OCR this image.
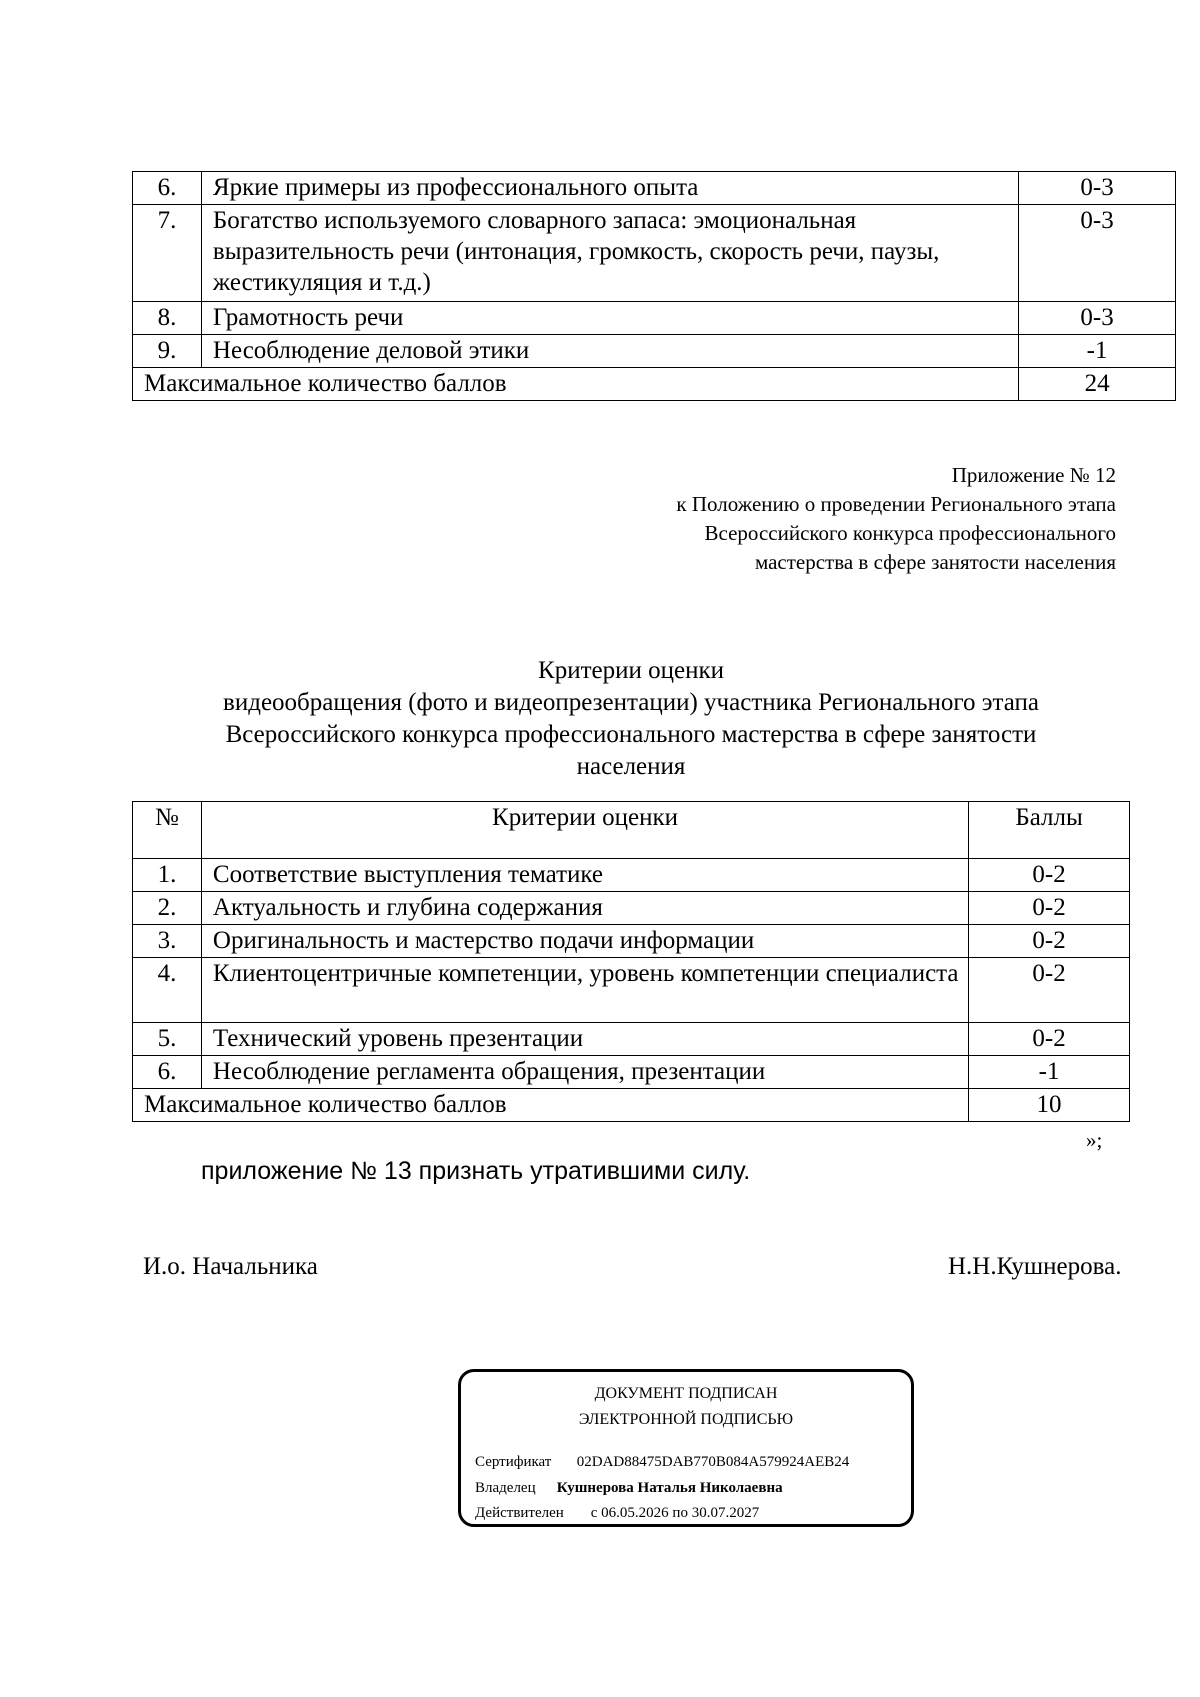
6.	Яркие примеры из профессионального опыта	0-3
7.	Богатство используемого словарного запаса: эмоциональная выразительность речи (интонация, громкость, скорость речи, паузы, жестикуляция и т.д.)	0-3
8.	Грамотность речи	0-3
9.	Несоблюдение деловой этики	-1
Максимальное количество баллов		24
Приложение № 12
к Положению о проведении Регионального этапа
Всероссийского конкурса профессионального
мастерства в сфере занятости населения
Критерии оценки
видеообращения (фото и видеопрезентации) участника Регионального этапа
Всероссийского конкурса профессионального мастерства в сфере занятости
населения
№	Критерии оценки	Баллы
1.	Соответствие выступления тематике	0-2
2.	Актуальность и глубина содержания	0-2
3.	Оригинальность и мастерство подачи информации	0-2
4.	Клиентоцентричные компетенции, уровень компетенции специалиста	0-2
5.	Технический уровень презентации	0-2
6.	Несоблюдение регламента обращения, презентации	-1
Максимальное количество баллов		10
»;
приложение № 13 признать утратившими силу.
И.о. Начальника	Н.Н.Кушнерова.
ДОКУМЕНТ ПОДПИСАН
ЭЛЕКТРОННОЙ ПОДПИСЬЮ
Сертификат 02DAD88475DAB770B084A579924AEB24
Владелец Кушнерова Наталья Николаевна
Действителен с 06.05.2026 по 30.07.2027
